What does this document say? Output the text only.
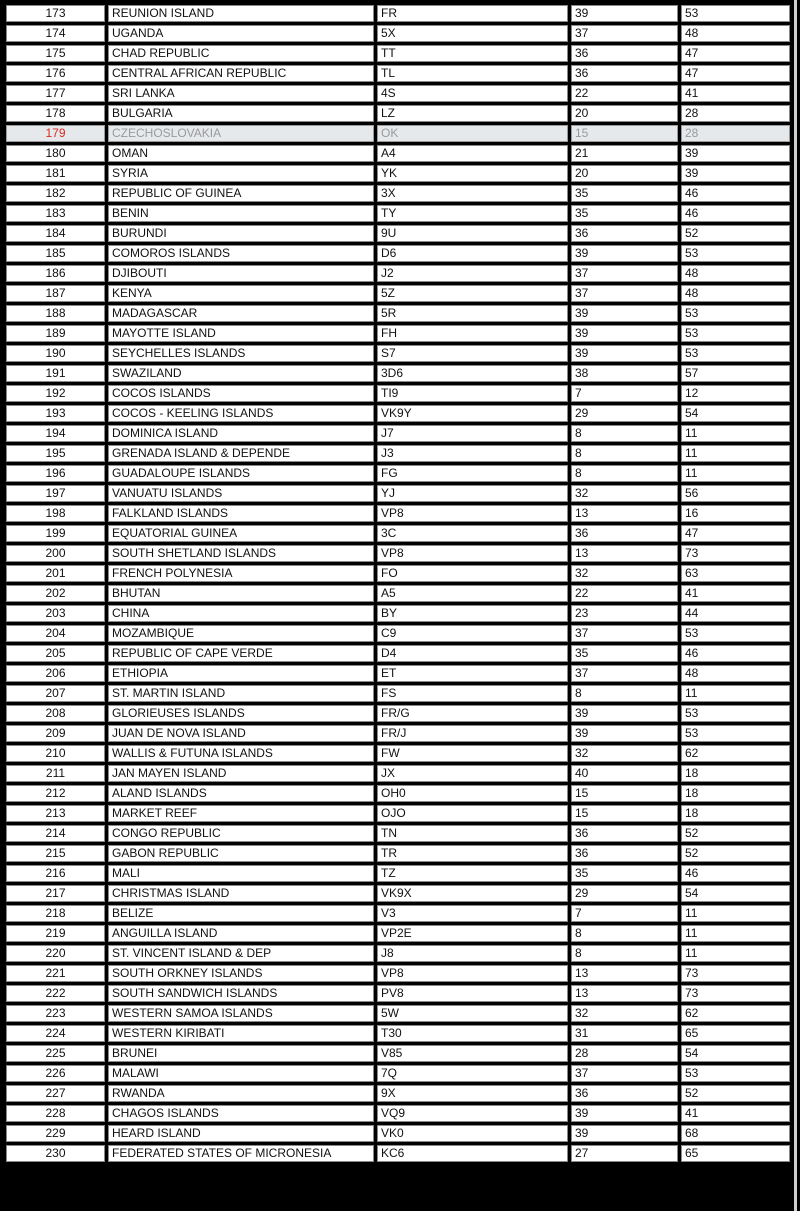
173	REUNION ISLAND	FR	39	53
174	UGANDA	5X	37	48
175	CHAD REPUBLIC	TT	36	47
176	CENTRAL AFRICAN REPUBLIC	TL	36	47
177	SRI LANKA	4S	22	41
178	BULGARIA	LZ	20	28
179	CZECHOSLOVAKIA	OK	15	28
180	OMAN	A4	21	39
181	SYRIA	YK	20	39
182	REPUBLIC OF GUINEA	3X	35	46
183	BENIN	TY	35	46
184	BURUNDI	9U	36	52
185	COMOROS ISLANDS	D6	39	53
186	DJIBOUTI	J2	37	48
187	KENYA	5Z	37	48
188	MADAGASCAR	5R	39	53
189	MAYOTTE ISLAND	FH	39	53
190	SEYCHELLES ISLANDS	S7	39	53
191	SWAZILAND	3D6	38	57
192	COCOS ISLANDS	TI9	7	12
193	COCOS - KEELING ISLANDS	VK9Y	29	54
194	DOMINICA ISLAND	J7	8	11
195	GRENADA ISLAND & DEPENDE	J3	8	11
196	GUADALOUPE ISLANDS	FG	8	11
197	VANUATU ISLANDS	YJ	32	56
198	FALKLAND ISLANDS	VP8	13	16
199	EQUATORIAL GUINEA	3C	36	47
200	SOUTH SHETLAND ISLANDS	VP8	13	73
201	FRENCH POLYNESIA	FO	32	63
202	BHUTAN	A5	22	41
203	CHINA	BY	23	44
204	MOZAMBIQUE	C9	37	53
205	REPUBLIC OF CAPE VERDE	D4	35	46
206	ETHIOPIA	ET	37	48
207	ST. MARTIN ISLAND	FS	8	11
208	GLORIEUSES ISLANDS	FR/G	39	53
209	JUAN DE NOVA ISLAND	FR/J	39	53
210	WALLIS & FUTUNA ISLANDS	FW	32	62
211	JAN MAYEN ISLAND	JX	40	18
212	ALAND ISLANDS	OH0	15	18
213	MARKET REEF	OJO	15	18
214	CONGO REPUBLIC	TN	36	52
215	GABON REPUBLIC	TR	36	52
216	MALI	TZ	35	46
217	CHRISTMAS ISLAND	VK9X	29	54
218	BELIZE	V3	7	11
219	ANGUILLA ISLAND	VP2E	8	11
220	ST. VINCENT ISLAND & DEP	J8	8	11
221	SOUTH ORKNEY ISLANDS	VP8	13	73
222	SOUTH SANDWICH ISLANDS	PV8	13	73
223	WESTERN SAMOA ISLANDS	5W	32	62
224	WESTERN KIRIBATI	T30	31	65
225	BRUNEI	V85	28	54
226	MALAWI	7Q	37	53
227	RWANDA	9X	36	52
228	CHAGOS ISLANDS	VQ9	39	41
229	HEARD ISLAND	VK0	39	68
230	FEDERATED STATES OF MICRONESIA	KC6	27	65
